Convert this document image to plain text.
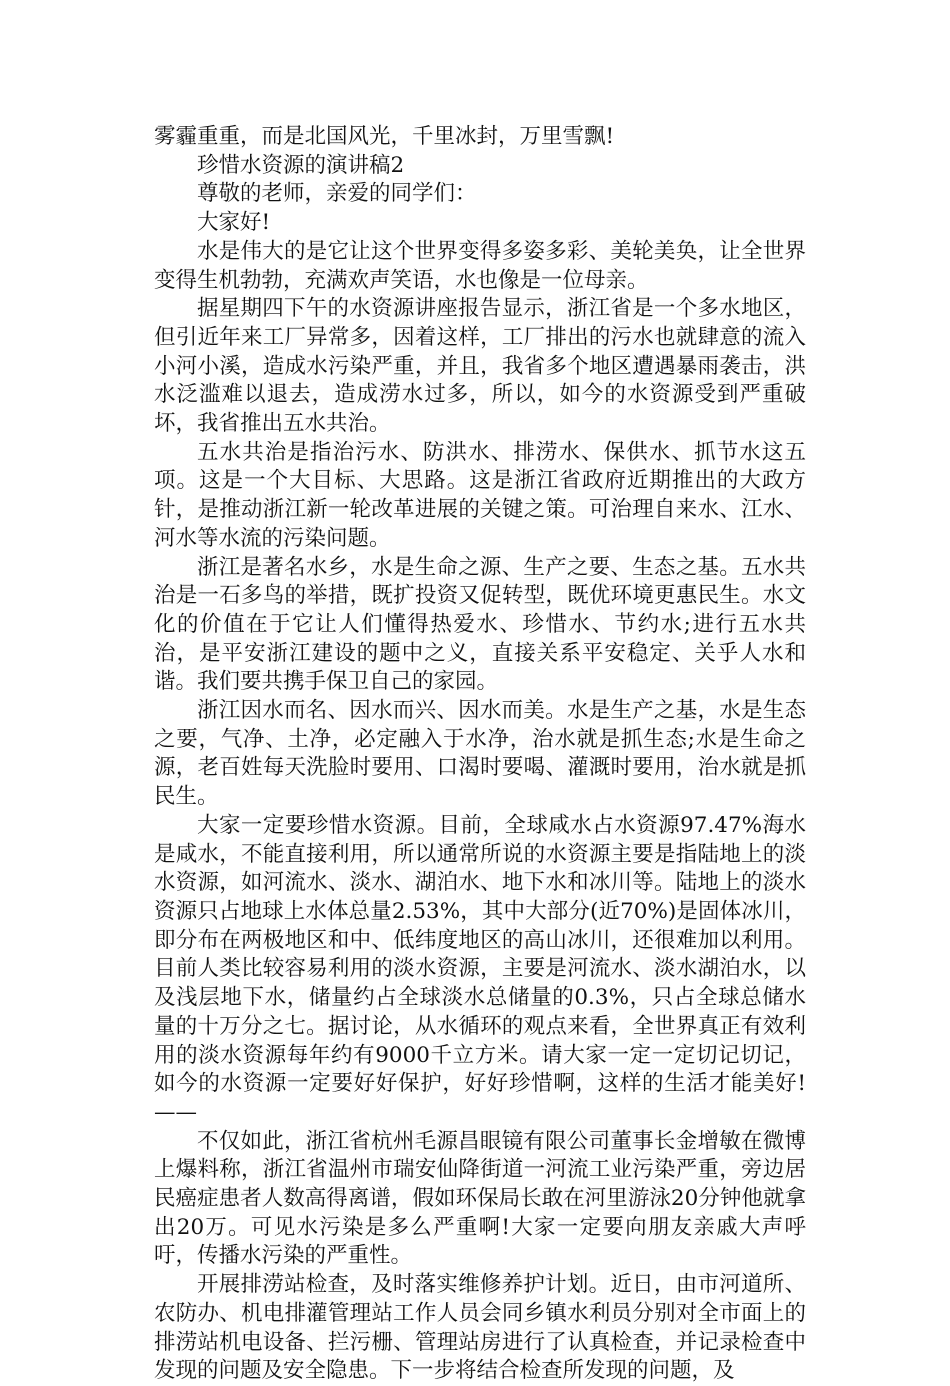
雾霾重重，而是北国风光，千里冰封，万里雪飘!

珍惜水资源的演讲稿2

尊敬的老师，亲爱的同学们：

大家好!

水是伟大的是它让这个世界变得多姿多彩、美轮美奂，让全世界变得生机勃勃，充满欢声笑语，水也像是一位母亲。

据星期四下午的水资源讲座报告显示，浙江省是一个多水地区，但引近年来工厂异常多，因着这样，工厂排出的污水也就肆意的流入小河小溪，造成水污染严重，并且，我省多个地区遭遇暴雨袭击，洪水泛滥难以退去，造成涝水过多，所以，如今的水资源受到严重破坏，我省推出五水共治。

五水共治是指治污水、防洪水、排涝水、保供水、抓节水这五项。这是一个大目标、大思路。这是浙江省政府近期推出的大政方针，是推动浙江新一轮改革进展的关键之策。可治理自来水、江水、河水等水流的污染问题。

浙江是著名水乡，水是生命之源、生产之要、生态之基。五水共治是一石多鸟的举措，既扩投资又促转型，既优环境更惠民生。水文化的价值在于它让人们懂得热爱水、珍惜水、节约水;进行五水共治，是平安浙江建设的题中之义，直接关系平安稳定、关乎人水和谐。我们要共携手保卫自己的家园。

浙江因水而名、因水而兴、因水而美。水是生产之基，水是生态之要，气净、土净，必定融入于水净，治水就是抓生态;水是生命之源，老百姓每天洗脸时要用、口渴时要喝、灌溉时要用，治水就是抓民生。

大家一定要珍惜水资源。目前，全球咸水占水资源97.47%海水是咸水，不能直接利用，所以通常所说的水资源主要是指陆地上的淡水资源，如河流水、淡水、湖泊水、地下水和冰川等。陆地上的淡水资源只占地球上水体总量2.53%，其中大部分(近70%)是固体冰川，即分布在两极地区和中、低纬度地区的高山冰川，还很难加以利用。目前人类比较容易利用的淡水资源，主要是河流水、淡水湖泊水，以及浅层地下水，储量约占全球淡水总储量的0.3%，只占全球总储水量的十万分之七。据讨论，从水循环的观点来看，全世界真正有效利用的淡水资源每年约有9000千立方米。请大家一定一定切记切记，如今的水资源一定要好好保护，好好珍惜啊，这样的生活才能美好!——

不仅如此，浙江省杭州毛源昌眼镜有限公司董事长金增敏在微博上爆料称，浙江省温州市瑞安仙降街道一河流工业污染严重，旁边居民癌症患者人数高得离谱，假如环保局长敢在河里游泳20分钟他就拿出20万。可见水污染是多么严重啊!大家一定要向朋友亲戚大声呼吁，传播水污染的严重性。

开展排涝站检查，及时落实维修养护计划。近日，由市河道所、农防办、机电排灌管理站工作人员会同乡镇水利员分别对全市面上的排涝站机电设备、拦污栅、管理站房进行了认真检查，并记录检查中发现的问题及安全隐患。下一步将结合检查所发现的问题，及
